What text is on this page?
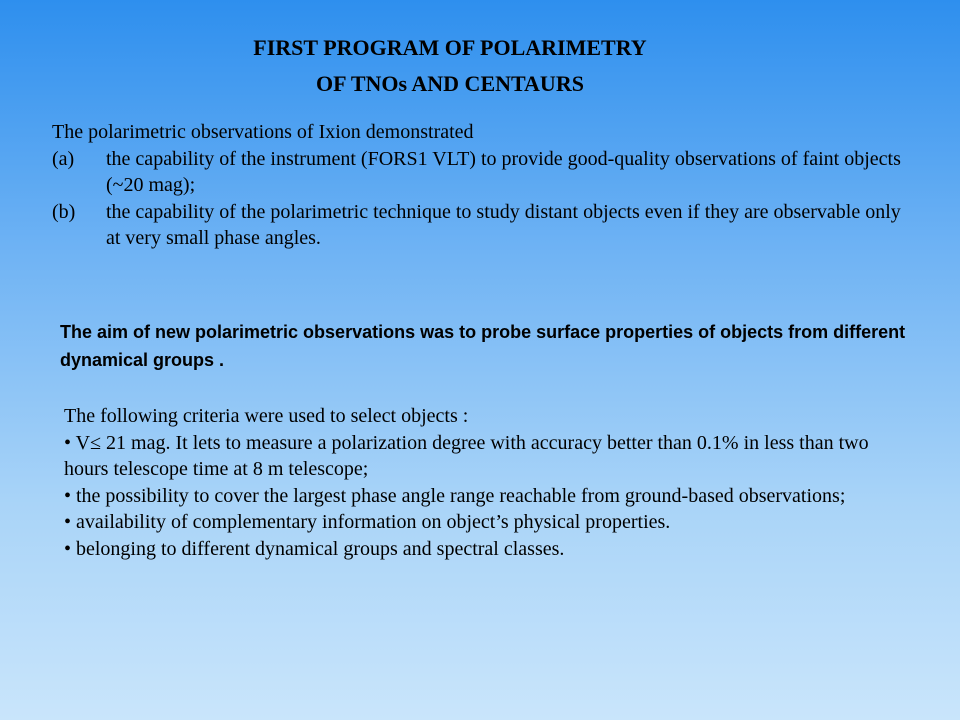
FIRST PROGRAM OF POLARIMETRY
OF TNOs AND CENTAURS
The polarimetric observations of Ixion demonstrated
(a)	the capability of the instrument (FORS1 VLT) to provide good-quality observations of faint objects (~20 mag);
(b)	the capability of the polarimetric technique to study distant objects even if they are observable only at very small phase angles.
The aim of new polarimetric observations was to probe surface properties of objects from different dynamical groups .
The following criteria were used to select objects :
• V≤ 21 mag. It lets to measure a polarization degree with accuracy better than 0.1% in less than two hours telescope time at 8 m telescope;
• the possibility to cover the largest phase angle range reachable from ground-based observations;
• availability of complementary information on object’s physical properties.
• belonging to different dynamical groups and spectral classes.
